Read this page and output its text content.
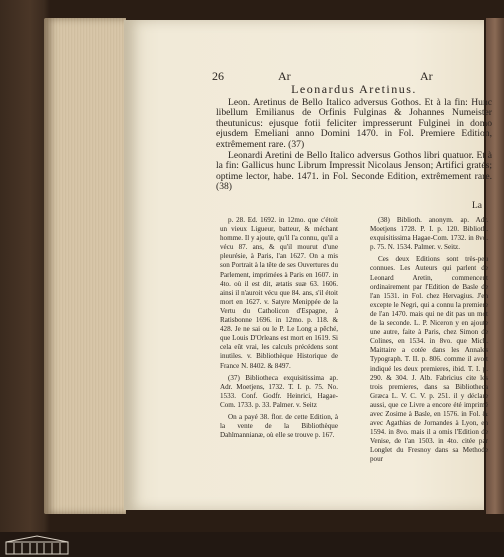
26	Ar	Ar
Leonardus Aretinus.

Leon. Aretinus de Bello Italico adversus Gothos. Et à la fin: Hunc libellum Emilianus de Orfinis Fulginas & Johannes Numeister theutunicus: ejusque fotii feliciter impresserunt Fulginei in domo ejusdem Emeliani anno Domini 1470. in Fol. Premiere Edition, extrêmement rare. (37)

Leonardi Aretini de Bello Italico adversus Gothos libri quatuor. Et à la fin: Gallicus hunc Librum Impressit Nicolaus Jenson; Artifici gratés; optime lector, habe. 1471. in Fol. Seconde Edition, extrêmement rare. (38)

La

p. 28. Ed. 1692. in 12mo. que c'étoit un vieux Ligueur, batteur, & méchant homme. Il y ajoute, qu'il l'a connu, qu'il a vécu 87. ans, & qu'il mourut d'une pleurésie, à Paris, l'an 1627. On a mis son Portrait à la tête de ses Ouvertures du Parlement, imprimées à Paris en 1607. in 4to. où il est dit, ætatis suæ 63. 1606. ainsi il n'auroit vécu que 84. ans, s'il étoit mort en 1627. v. Satyre Menippée de la Vertu du Catholicon d'Espagne, à Ratisbonne 1696. in 12mo. p. 118. & 428. Je ne sai ou le P. Le Long a pêché, que Louis D'Orleans est mort en 1619. Si cela eût vrai, les calculs précédens sont inutiles. v. Bibliothèque Historique de France N. 8402. & 8497.

(37) Bibliotheca exquisitissima ap. Adr. Moetjens, 1732. T. I. p. 75. No. 1533. Conf. Godfr. Heinrici, Hagae-Com. 1733. p. 33. Palmer. v. Seitz

On a payé 38. flor. de cette Edition, à la vente de la Bibliothèque Dahlmannianæ, où elle se trouve p. 167.

(38) Biblioth. anonym. ap. Adr. Moetjens 1728. P. I. p. 120. Biblioth. exquisitissima Hagae-Com. 1732. in 8vo. p. 75. N. 1534. Palmer. v. Seitz.

Ces deux Editions sont très-peu connues. Les Auteurs qui parlent de Leonard Aretin, commencent ordinairement par l'Edition de Basle de l'an 1531. in Fol. chez Hervagius. J'en excepte le Negri, qui a connu la premiere de l'an 1470. mais qui ne dit pas un mot de la seconde. L. P. Niceron y en ajoute une autre, faite à Paris, chez Simon de Colines, en 1534. in 8vo. que Mich. Maittaire a cotée dans les Annales Typograph. T. II. p. 806. comme il avoit indiqué les deux premieres, ibid. T. I. p. 290. & 304. J. Alb. Fabricius cite les trois premieres, dans sa Bibliotheca Græca L. V. C. V. p. 251. il y déclare aussi, que ce Livre a encore été imprimé avec Zosime à Basle, en 1576. in Fol. & avec Agathias de Jornandes à Lyon, en 1594. in 8vo. mais il a omis l'Edition de Venise, de l'an 1503. in 4to. citée par Longlet du Fresnoy dans sa Methode pour
